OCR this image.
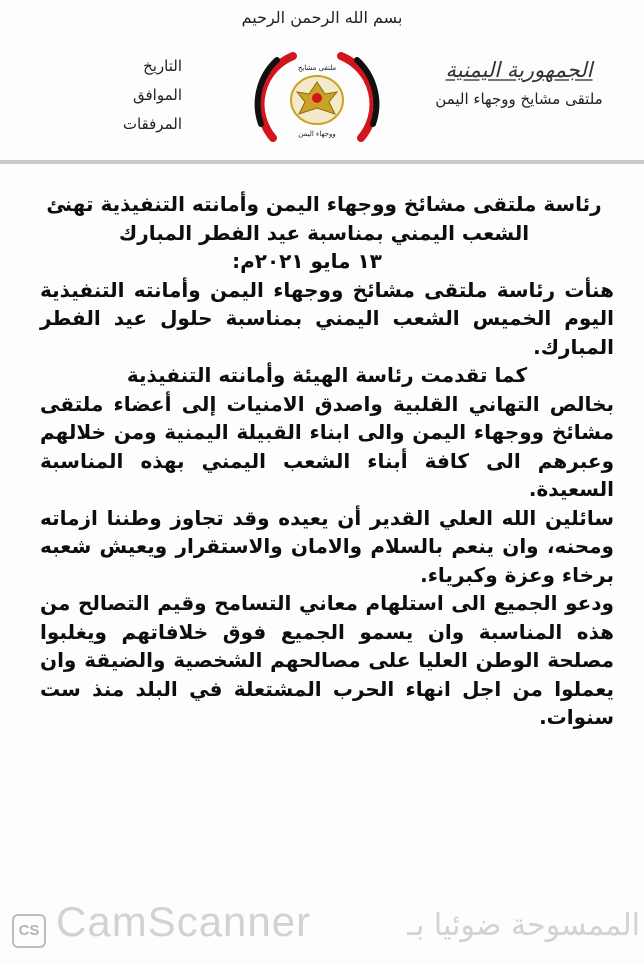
بسم الله الرحمن الرحيم
التاريخ
الموافق
المرفقات
ملتقى مشايخ
ووجهاء اليمن
الجمهورية اليمنية
ملتقى مشايخ ووجهاء اليمن
رئاسة ملتقى مشائخ ووجهاء اليمن وأمانته التنفيذية تهنئ
الشعب اليمني بمناسبة عيد الفطر المبارك
١٣ مايو ٢٠٢١م:

هنأت رئاسة ملتقى مشائخ ووجهاء اليمن وأمانته التنفيذية اليوم الخميس الشعب اليمني بمناسبة حلول عيد الفطر المبارك.

كما تقدمت رئاسة الهيئة وأمانته التنفيذية

بخالص التهاني القلبية واصدق الامنيات إلى أعضاء ملتقى مشائخ ووجهاء اليمن والى ابناء القبيلة اليمنية ومن خلالهم وعبرهم الى كافة أبناء الشعب اليمني بهذه المناسبة السعيدة.

سائلين الله العلي القدير أن يعيده وقد تجاوز وطننا ازماته ومحنه، وان ينعم بالسلام والامان والاستقرار ويعيش شعبه برخاء وعزة وكبرياء.

ودعو الجميع الى استلهام معاني التسامح وقيم التصالح من هذه المناسبة وان يسمو الجميع فوق خلافاتهم ويغلبوا مصلحة الوطن العليا على مصالحهم الشخصية والضيقة وان يعملوا من اجل انهاء الحرب المشتعلة في البلد منذ ست سنوات.

CS CamScanner	الممسوحة ضوئيا بـ
